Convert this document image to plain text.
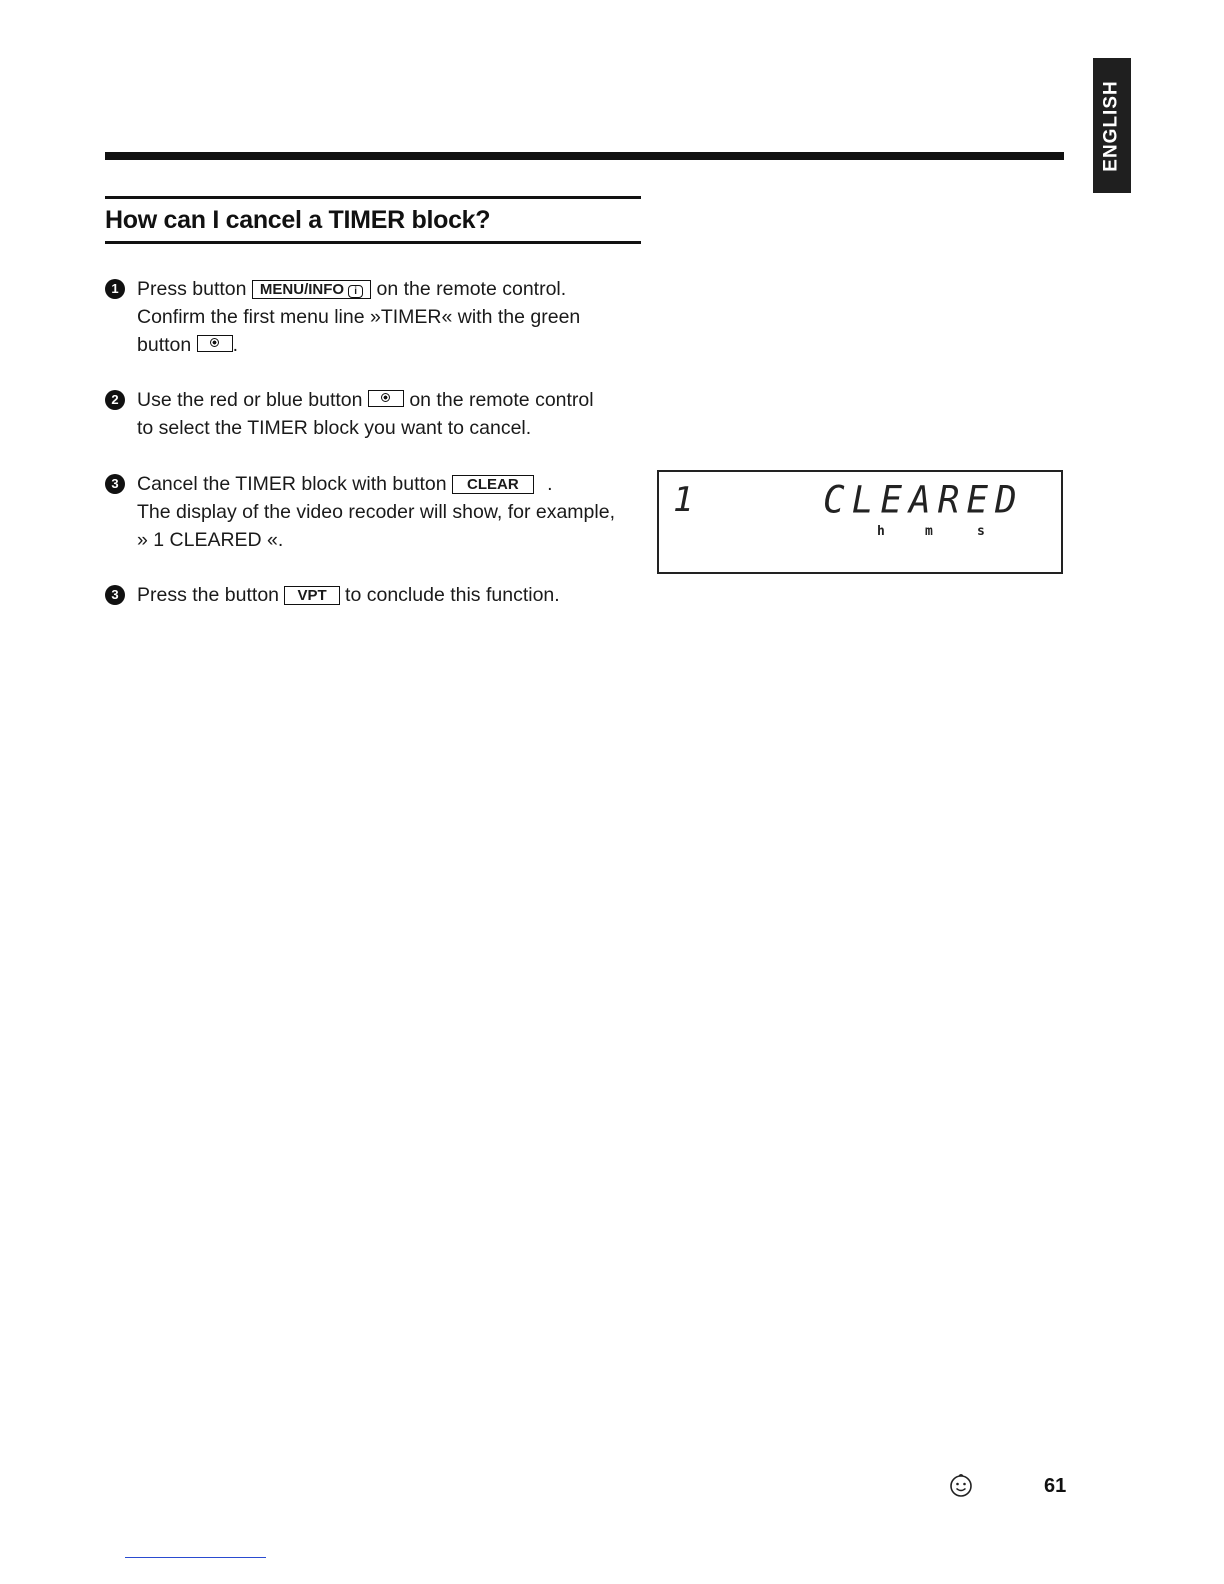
ENGLISH
How can I cancel a TIMER block?
1 Press button MENU/INFO i on the remote control.
Confirm the first menu line »TIMER« with the green
button .
2 Use the red or blue button on the remote control
to select the TIMER block you want to cancel.
3 Cancel the TIMER block with button CLEAR .
The display of the video recoder will show, for example,
» 1 CLEARED «.
3 Press the button VPT to conclude this function.
1	CLEARED
h	m	s
61
